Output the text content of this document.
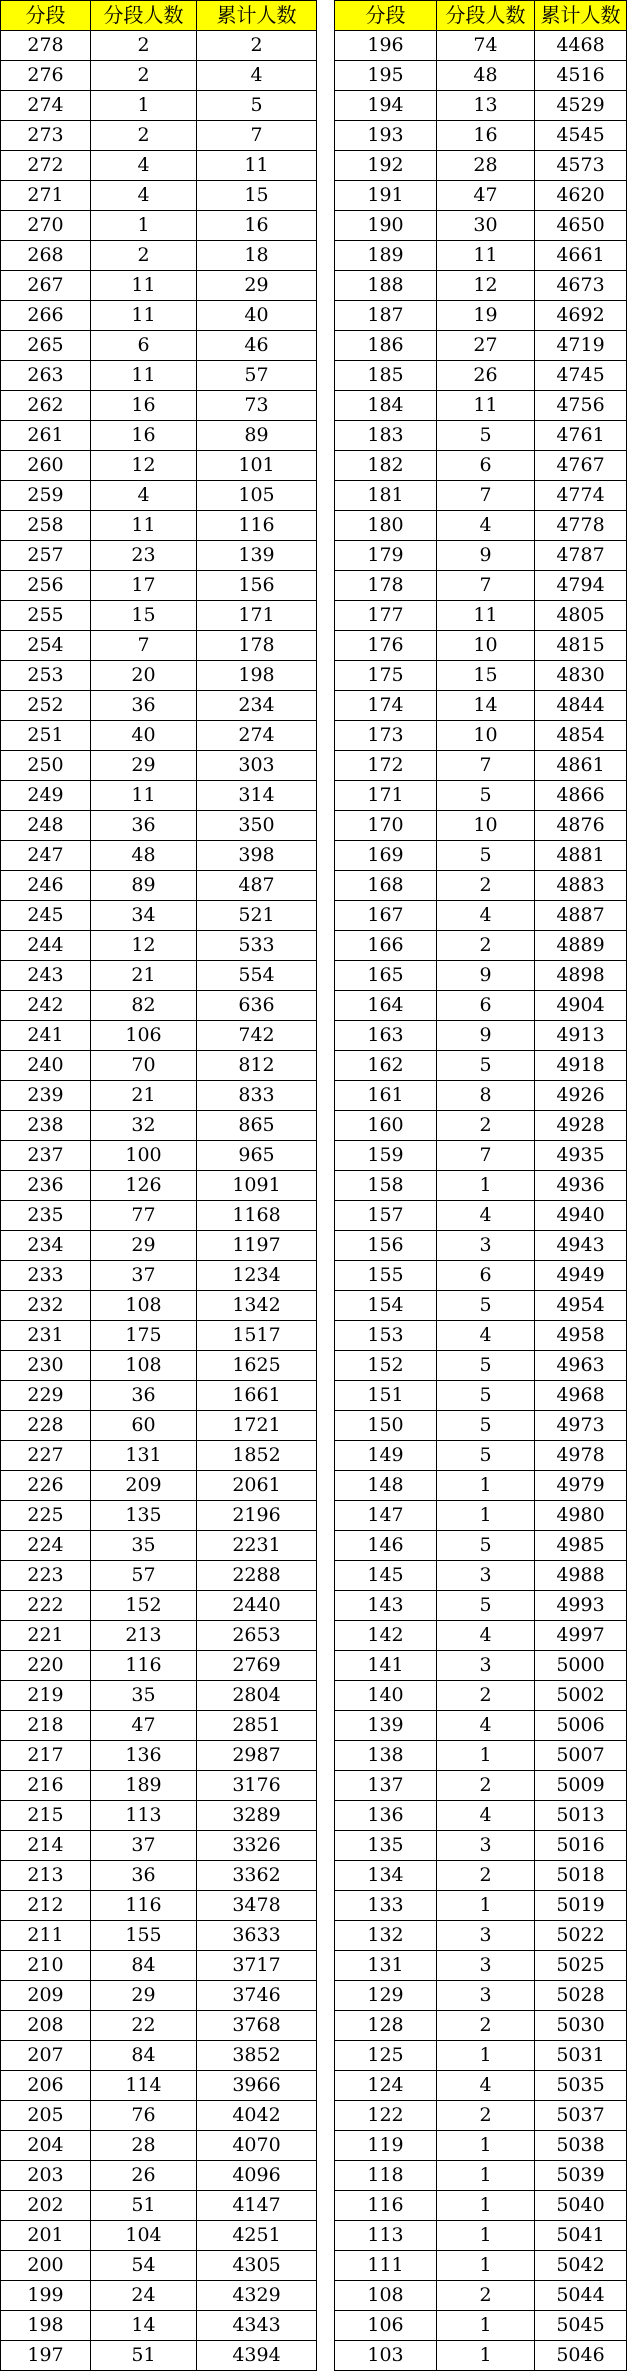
分段	分段人数	累计人数
278	2	2
276	2	4
274	1	5
273	2	7
272	4	11
271	4	15
270	1	16
268	2	18
267	11	29
266	11	40
265	6	46
263	11	57
262	16	73
261	16	89
260	12	101
259	4	105
258	11	116
257	23	139
256	17	156
255	15	171
254	7	178
253	20	198
252	36	234
251	40	274
250	29	303
249	11	314
248	36	350
247	48	398
246	89	487
245	34	521
244	12	533
243	21	554
242	82	636
241	106	742
240	70	812
239	21	833
238	32	865
237	100	965
236	126	1091
235	77	1168
234	29	1197
233	37	1234
232	108	1342
231	175	1517
230	108	1625
229	36	1661
228	60	1721
227	131	1852
226	209	2061
225	135	2196
224	35	2231
223	57	2288
222	152	2440
221	213	2653
220	116	2769
219	35	2804
218	47	2851
217	136	2987
216	189	3176
215	113	3289
214	37	3326
213	36	3362
212	116	3478
211	155	3633
210	84	3717
209	29	3746
208	22	3768
207	84	3852
206	114	3966
205	76	4042
204	28	4070
203	26	4096
202	51	4147
201	104	4251
200	54	4305
199	24	4329
198	14	4343
197	51	4394
分段	分段人数	累计人数
196	74	4468
195	48	4516
194	13	4529
193	16	4545
192	28	4573
191	47	4620
190	30	4650
189	11	4661
188	12	4673
187	19	4692
186	27	4719
185	26	4745
184	11	4756
183	5	4761
182	6	4767
181	7	4774
180	4	4778
179	9	4787
178	7	4794
177	11	4805
176	10	4815
175	15	4830
174	14	4844
173	10	4854
172	7	4861
171	5	4866
170	10	4876
169	5	4881
168	2	4883
167	4	4887
166	2	4889
165	9	4898
164	6	4904
163	9	4913
162	5	4918
161	8	4926
160	2	4928
159	7	4935
158	1	4936
157	4	4940
156	3	4943
155	6	4949
154	5	4954
153	4	4958
152	5	4963
151	5	4968
150	5	4973
149	5	4978
148	1	4979
147	1	4980
146	5	4985
145	3	4988
143	5	4993
142	4	4997
141	3	5000
140	2	5002
139	4	5006
138	1	5007
137	2	5009
136	4	5013
135	3	5016
134	2	5018
133	1	5019
132	3	5022
131	3	5025
129	3	5028
128	2	5030
125	1	5031
124	4	5035
122	2	5037
119	1	5038
118	1	5039
116	1	5040
113	1	5041
111	1	5042
108	2	5044
106	1	5045
103	1	5046
